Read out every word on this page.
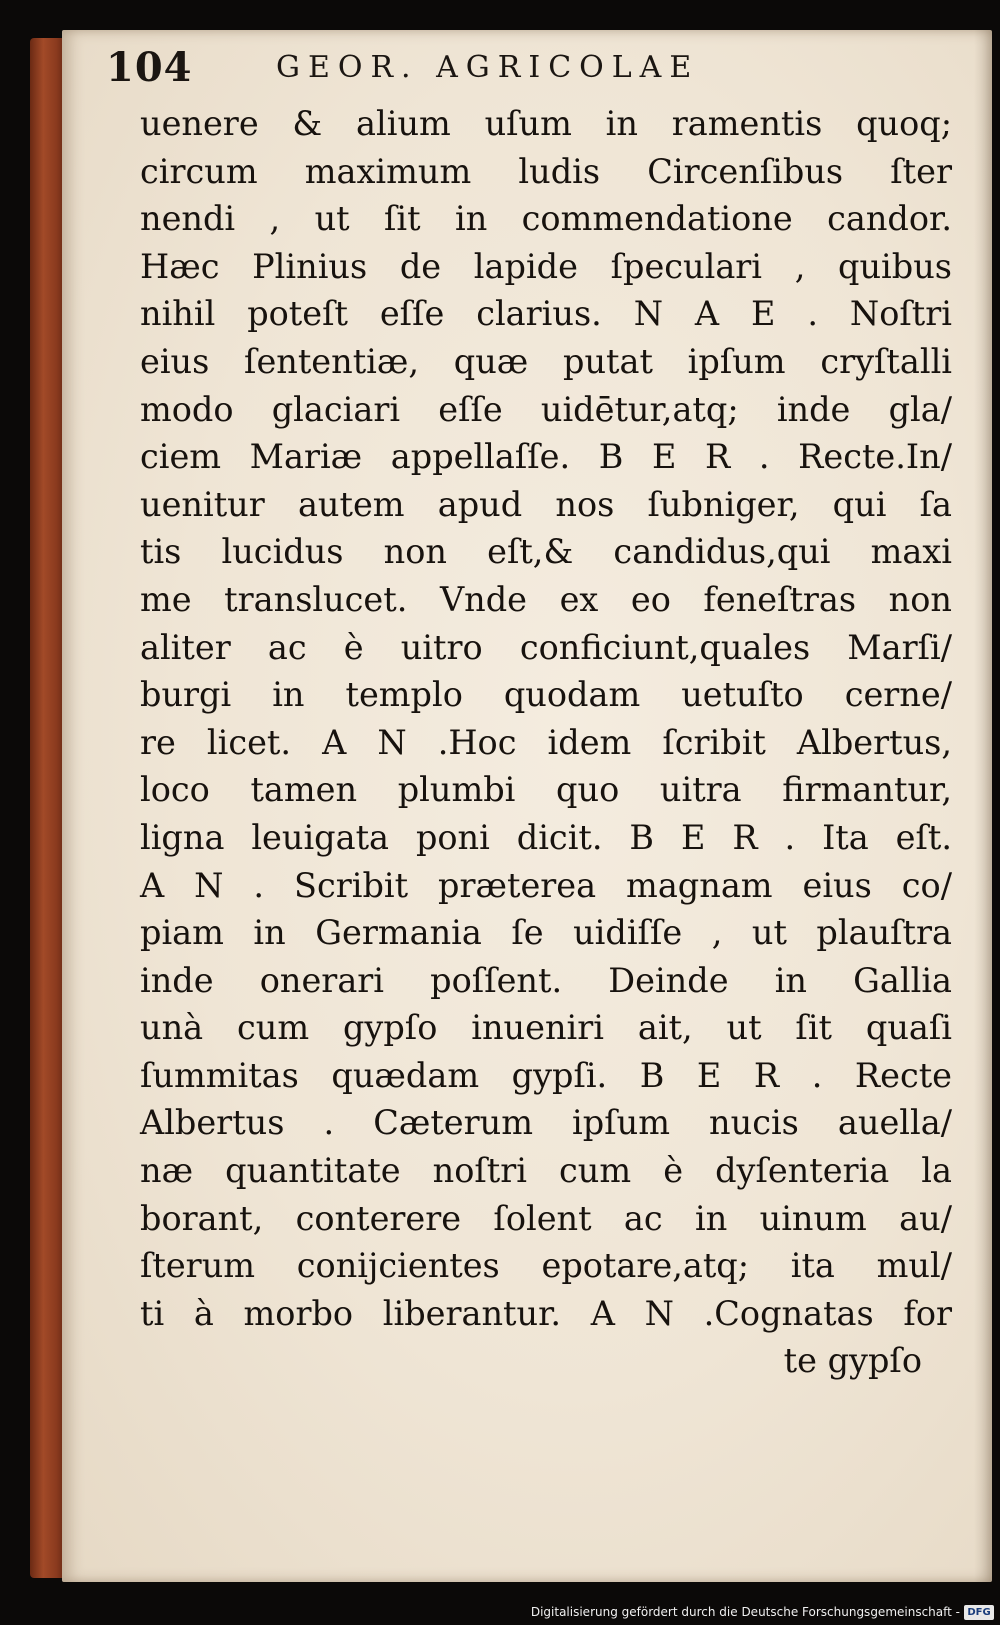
104	GEOR. AGRICOLAE
uenere & alium uſum in ramentis quoq;
circum maximum ludis Circenſibus ſter
nendi , ut ſit in commendatione candor.
Hæc Plinius de lapide ſpeculari , quibus
nihil poteſt eſſe clarius. N A E . Noſtri
eius ſententiæ, quæ putat ipſum cryſtalli
modo glaciari eſſe uidētur,atq; inde gla/
ciem Mariæ appellaſſe. B E R . Recte.In/
uenitur autem apud nos ſubniger, qui ſa
tis lucidus non eſt,& candidus,qui maxi
me translucet. Vnde ex eo feneſtras non
aliter ac è uitro conficiunt,quales Marſi/
burgi in templo quodam uetuſto cerne/
re licet. A N .Hoc idem ſcribit Albertus,
loco tamen plumbi quo uitra firmantur,
ligna leuigata poni dicit. B E R . Ita eſt.
A N . Scribit prætereа magnam eius co/
piam in Germania ſe uidiſſe , ut plauſtra
inde onerari poſſent. Deinde in Gallia
unà cum gypſo inueniri ait, ut ſit quaſi
ſummitas quædam gypſi. B E R . Recte
Albertus . Cæterum ipſum nucis auella/
næ quantitate noſtri cum è dyſenteria la
borant, conterere ſolent ac in uinum au/
ſterum conijcientes epotare,atq; ita mul/
ti à morbo liberantur. A N .Cognatas for
te gypſo
Digitalisierung gefördert durch die Deutsche Forschungsgemeinschaft - DFG
